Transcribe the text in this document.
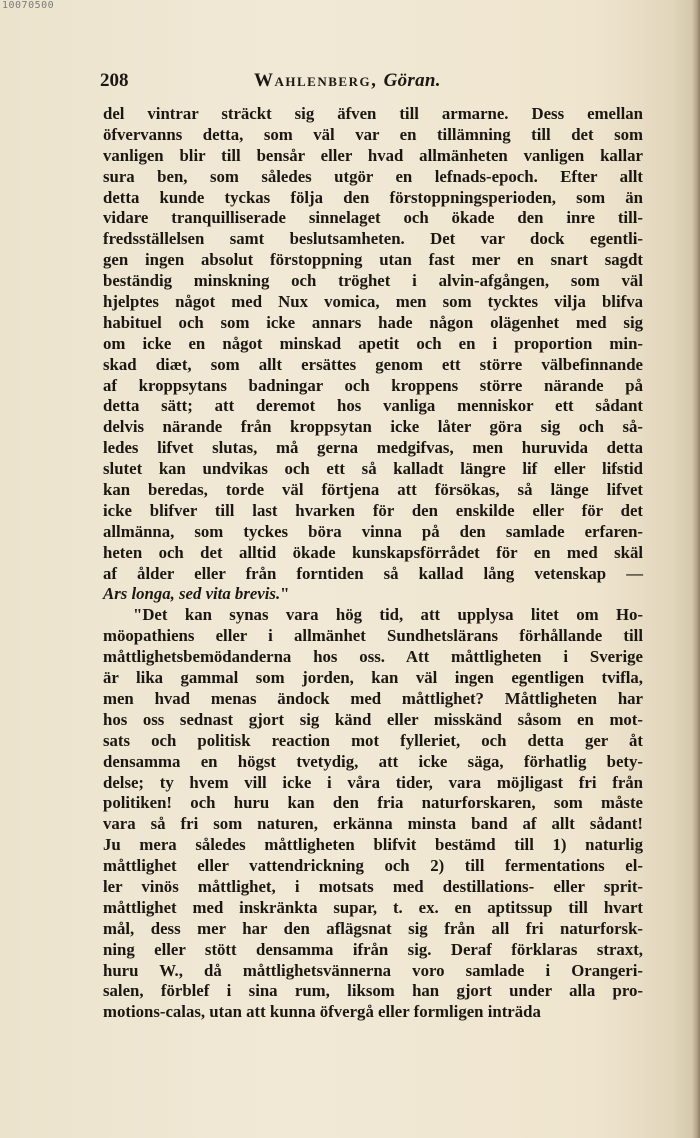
10070500
208	Wahlenberg, Göran.
del vintrar sträckt sig äfven till armarne. Dess emellan
öfvervanns detta, som väl var en tillämning till det som
vanligen blir till bensår eller hvad allmänheten vanligen kallar
sura ben, som således utgör en lefnads-epoch. Efter allt
detta kunde tyckas följa den förstoppningsperioden, som än
vidare tranquilliserade sinnelaget och ökade den inre till-
fredsställelsen samt beslutsamheten. Det var dock egentli-
gen ingen absolut förstoppning utan fast mer en snart sagdt
beständig minskning och tröghet i alvin-afgången, som väl
hjelptes något med Nux vomica, men som tycktes vilja blifva
habituel och som icke annars hade någon olägenhet med sig
om icke en något minskad apetit och en i proportion min-
skad diæt, som allt ersättes genom ett större välbefinnande
af kroppsytans badningar och kroppens större närande på
detta sätt; att deremot hos vanliga menniskor ett sådant
delvis närande från kroppsytan icke låter göra sig och så-
ledes lifvet slutas, må gerna medgifvas, men huruvida detta
slutet kan undvikas och ett så kalladt längre lif eller lifstid
kan beredas, torde väl förtjena att försökas, så länge lifvet
icke blifver till last hvarken för den enskilde eller för det
allmänna, som tyckes böra vinna på den samlade erfaren-
heten och det alltid ökade kunskapsförrådet för en med skäl
af ålder eller från forntiden så kallad lång vetenskap —
Ars longa, sed vita brevis."
"Det kan synas vara hög tid, att upplysa litet om Ho-
möopathiens eller i allmänhet Sundhetslärans förhållande till
måttlighetsbemödanderna hos oss. Att måttligheten i Sverige
är lika gammal som jorden, kan väl ingen egentligen tvifla,
men hvad menas ändock med måttlighet? Måttligheten har
hos oss sednast gjort sig känd eller misskänd såsom en mot-
sats och politisk reaction mot fylleriet, och detta ger åt
densamma en högst tvetydig, att icke säga, förhatlig bety-
delse; ty hvem vill icke i våra tider, vara möjligast fri från
politiken! och huru kan den fria naturforskaren, som måste
vara så fri som naturen, erkänna minsta band af allt sådant!
Ju mera således måttligheten blifvit bestämd till 1) naturlig
måttlighet eller vattendrickning och 2) till fermentations el-
ler vinös måttlighet, i motsats med destillations- eller sprit-
måttlighet med inskränkta supar, t. ex. en aptitssup till hvart
mål, dess mer har den aflägsnat sig från all fri naturforsk-
ning eller stött densamma ifrån sig. Deraf förklaras straxt,
huru W., då måttlighetsvännerna voro samlade i Orangeri-
salen, förblef i sina rum, liksom han gjort under alla pro-
motions-calas, utan att kunna öfvergå eller formligen inträda
